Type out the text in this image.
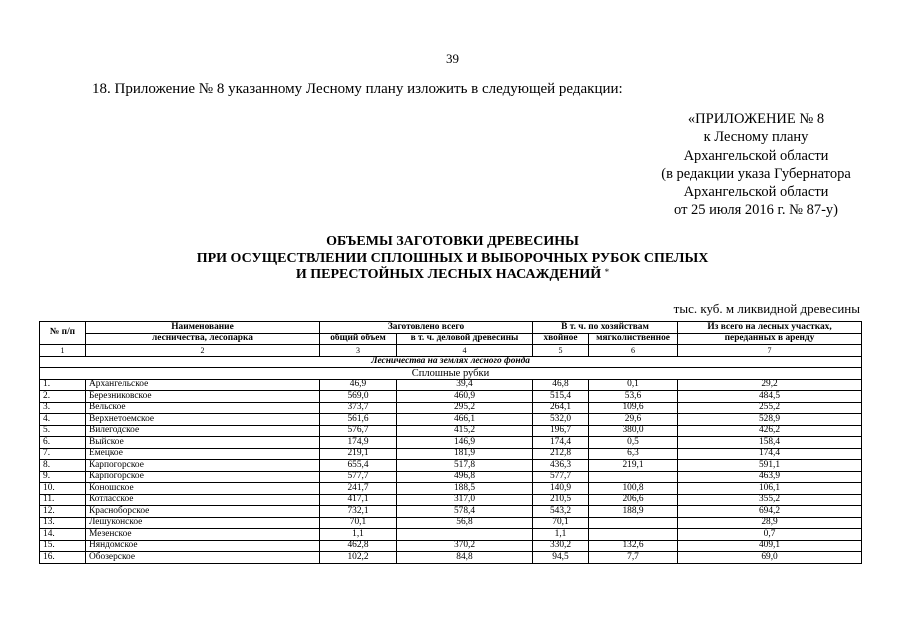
39
18. Приложение № 8 указанному Лесному плану изложить в следующей редакции:
«ПРИЛОЖЕНИЕ № 8
к Лесному плану
Архангельской области
(в редакции указа Губернатора
Архангельской области
от 25 июля 2016 г. № 87-у)
ОБЪЕМЫ ЗАГОТОВКИ ДРЕВЕСИНЫ
ПРИ ОСУЩЕСТВЛЕНИИ СПЛОШНЫХ И ВЫБОРОЧНЫХ РУБОК СПЕЛЫХ
И ПЕРЕСТОЙНЫХ ЛЕСНЫХ НАСАЖДЕНИЙ *
тыс. куб. м ликвидной древесины
№ п/п	Наименование	Заготовлено всего		В т. ч. по хозяйствам		Из всего на лесных участках,
	лесничества, лесопарка	общий объем	в т. ч. деловой древесины	хвойное	мягколиственное	переданных в аренду
1	2	3	4	5	6	7
Лесничества на землях лесного фонда						
Сплошные рубки						
1.	Архангельское	46,9	39,4	46,8	0,1	29,2
2.	Березниковское	569,0	460,9	515,4	53,6	484,5
3.	Вельское	373,7	295,2	264,1	109,6	255,2
4.	Верхнетоемское	561,6	466,1	532,0	29,6	528,9
5.	Вилегодское	576,7	415,2	196,7	380,0	426,2
6.	Выйское	174,9	146,9	174,4	0,5	158,4
7.	Емецкое	219,1	181,9	212,8	6,3	174,4
8.	Карпогорское	655,4	517,8	436,3	219,1	591,1
9.	Карпогорское	577,7	496,8	577,7		463,9
10.	Коношское	241,7	188,5	140,9	100,8	106,1
11.	Котласское	417,1	317,0	210,5	206,6	355,2
12.	Красноборское	732,1	578,4	543,2	188,9	694,2
13.	Лешуконское	70,1	56,8	70,1		28,9
14.	Мезенское	1,1		1,1		0,7
15.	Няндомское	462,8	370,2	330,2	132,6	409,1
16.	Обозерское	102,2	84,8	94,5	7,7	69,0
